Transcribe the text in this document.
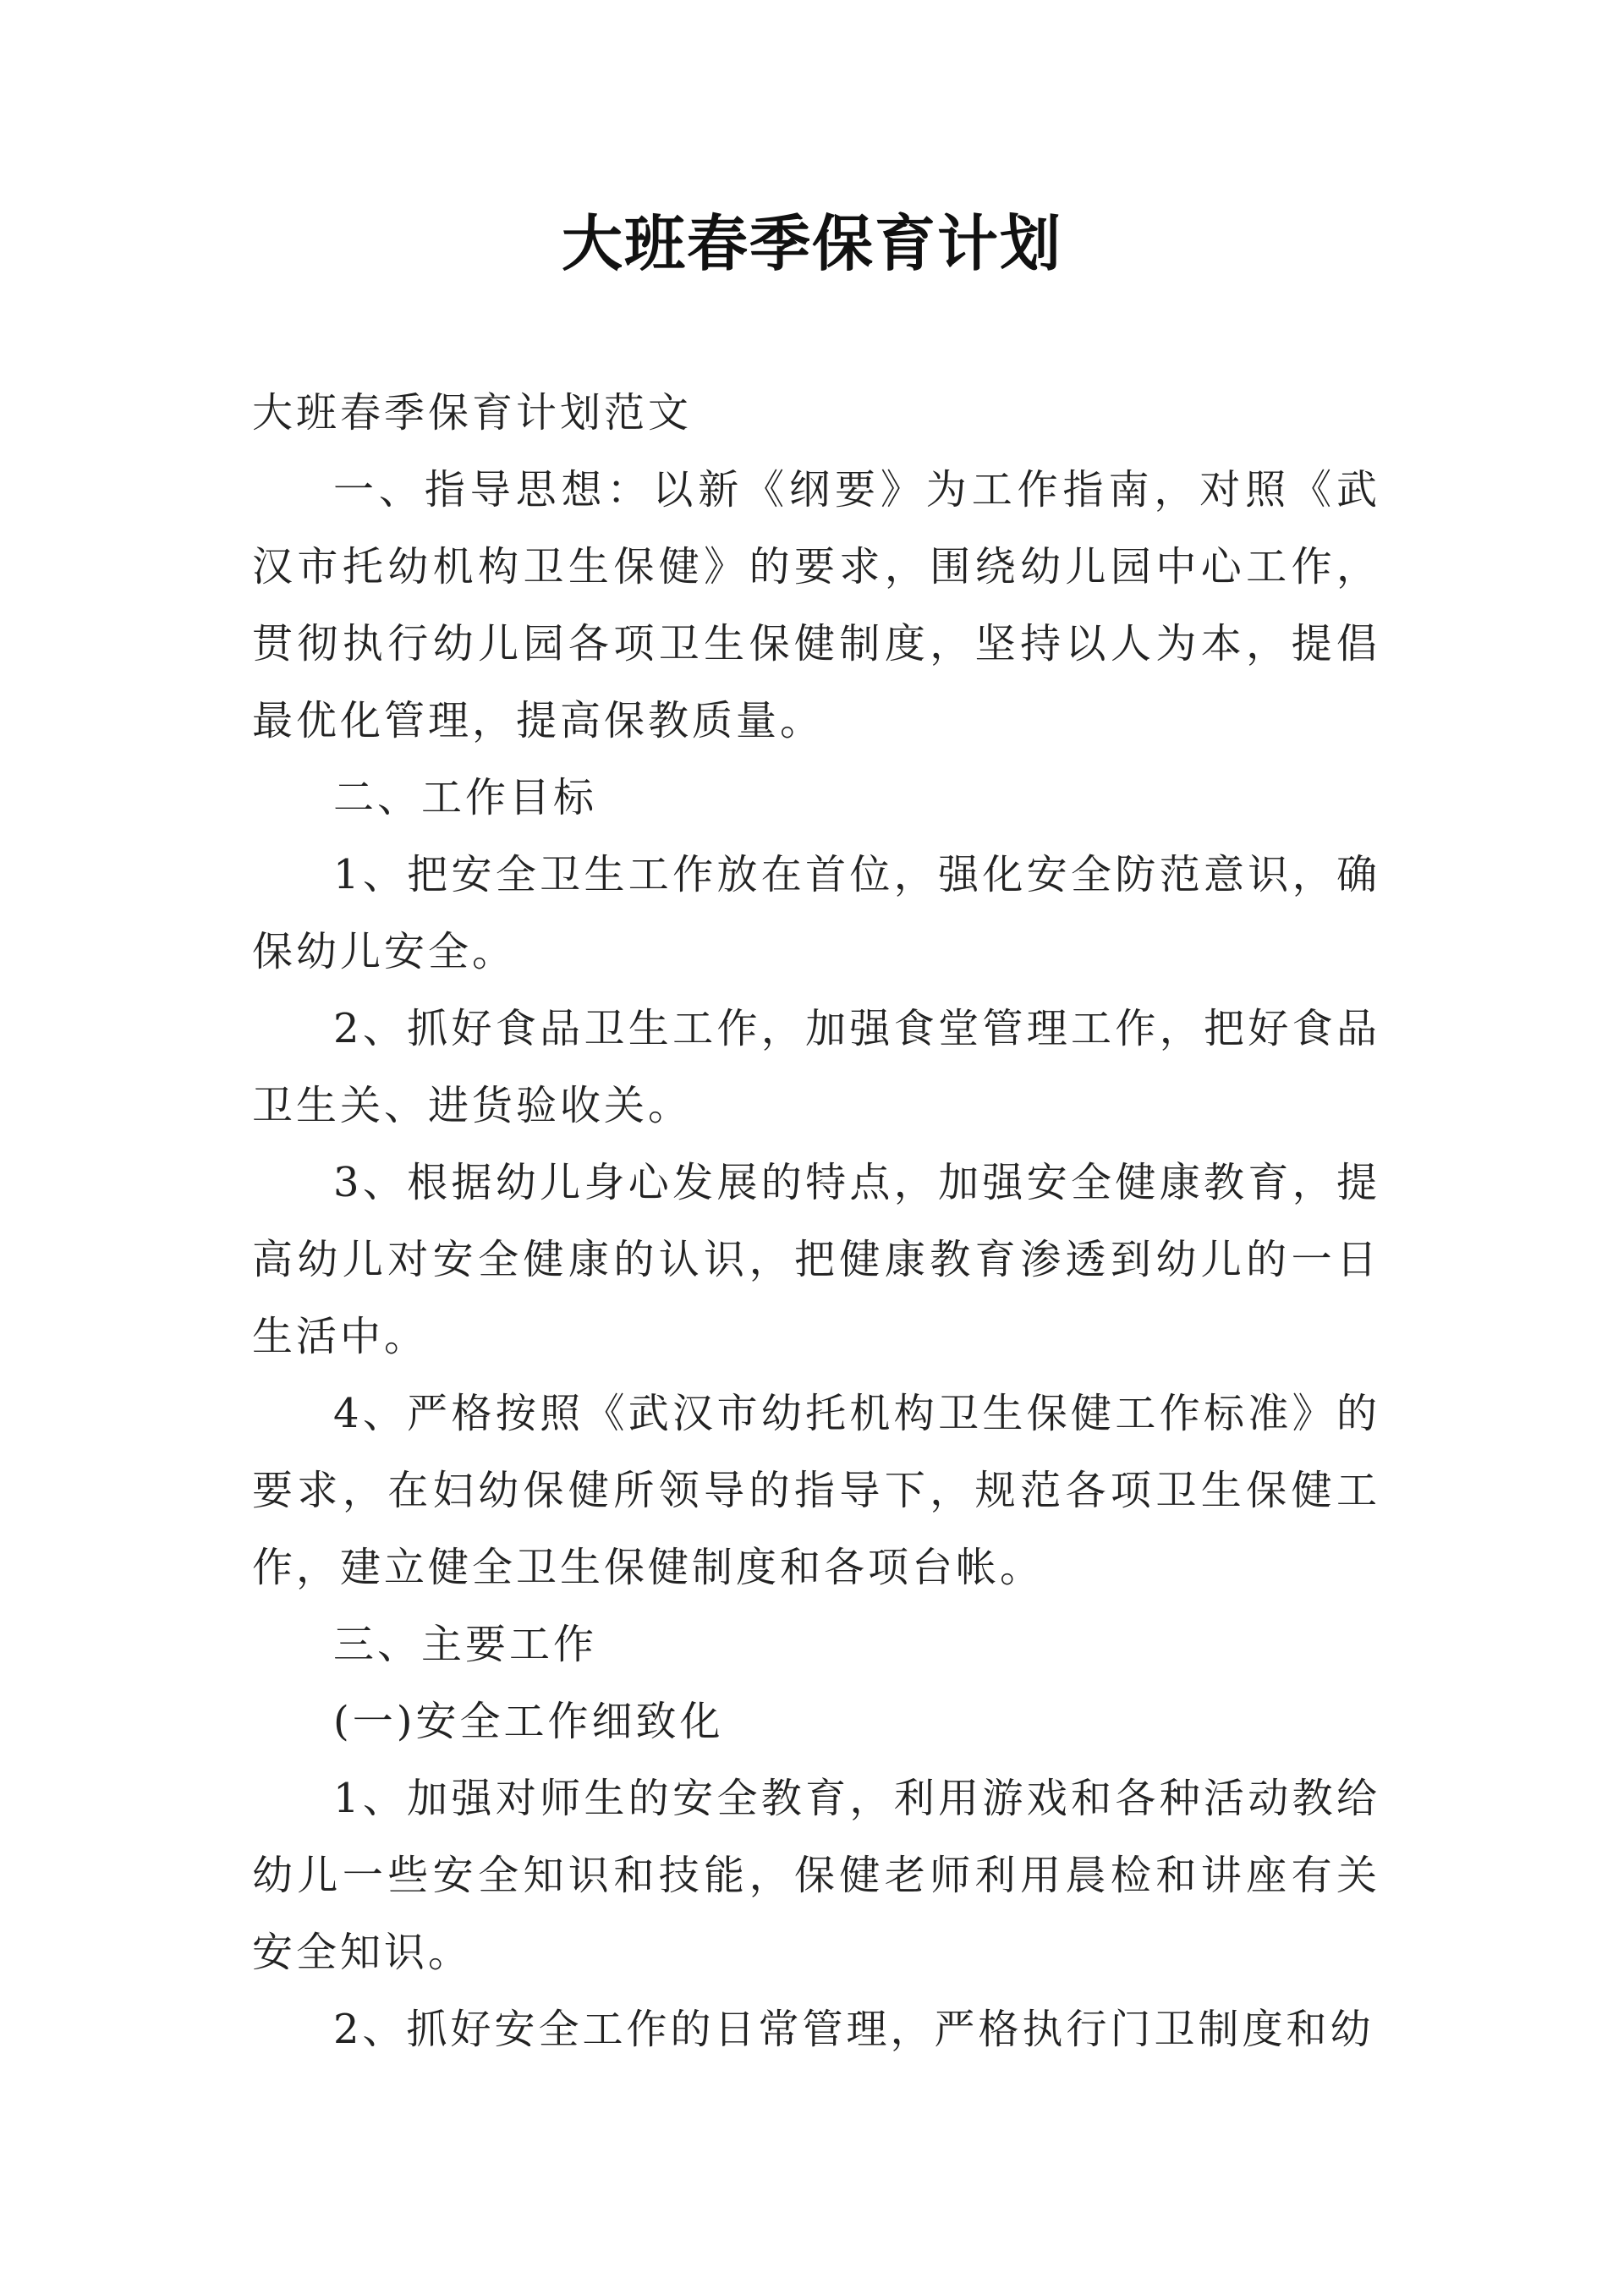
大班春季保育计划

大班春季保育计划范文

一、指导思想：以新《纲要》为工作指南，对照《武汉市托幼机构卫生保健》的要求，围绕幼儿园中心工作，贯彻执行幼儿园各项卫生保健制度，坚持以人为本，提倡最优化管理，提高保教质量。

二、工作目标

1、把安全卫生工作放在首位，强化安全防范意识，确保幼儿安全。

2、抓好食品卫生工作，加强食堂管理工作，把好食品卫生关、进货验收关。

3、根据幼儿身心发展的特点，加强安全健康教育，提高幼儿对安全健康的认识，把健康教育渗透到幼儿的一日生活中。

4、严格按照《武汉市幼托机构卫生保健工作标准》的要求，在妇幼保健所领导的指导下，规范各项卫生保健工作，建立健全卫生保健制度和各项台帐。

三、主要工作

(一)安全工作细致化

1、加强对师生的安全教育，利用游戏和各种活动教给幼儿一些安全知识和技能，保健老师利用晨检和讲座有关安全知识。

2、抓好安全工作的日常管理，严格执行门卫制度和幼
